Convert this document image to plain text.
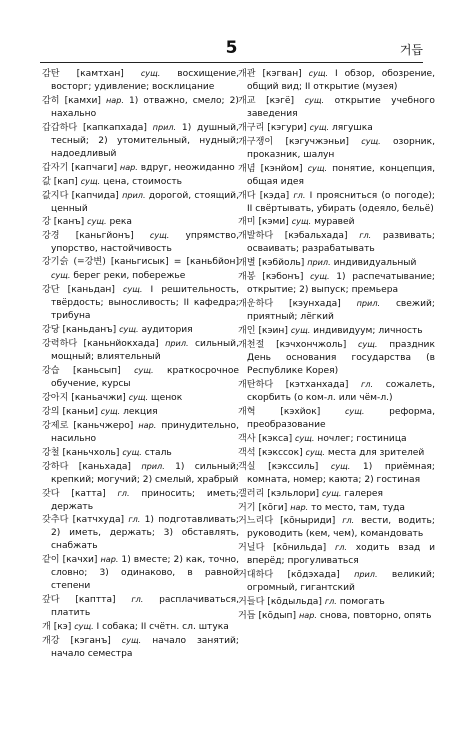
5	거듭

감탄 [камтхан] сущ. восхищение, восторг; удивление; восклицание

감히 [камхи] нар. 1) отважно, смело; 2) нахально

갑갑하다 [капкапхада] прил. 1) душный, тесный; 2) утомительный, нудный; надоедливый

갑자기 [капчаги] нар. вдруг, неожиданно

값 [кап] сущ. цена, стоимость

값지다 [капчида] прил. дорогой, стоящий, ценный

강 [канъ] сущ. река

강경 [каньгйонъ] сущ. упрямство, упорство, настойчивость

강기슭 (=강변) [каньгисык] = [каньбйон] сущ. берег реки, побережье

강단 [каньдан] сущ. I решительность, твёрдость; выносливость; II кафедра; трибуна

강당 [каньданъ] сущ. аудитория

강력하다 [каньнйокхада] прил. сильный, мощный; влиятельный

강습 [каньсып] сущ. краткосрочное обучение, курсы

강아지 [каньачжи] сущ. щенок

강의 [каньи] сущ. лекция

강제로 [каньчжеро] нар. принудительно, насильно

강철 [каньчхоль] сущ. сталь

강하다 [каньхада] прил. 1) сильный; крепкий; могучий; 2) смелый, храбрый

갖다 [катта] гл. приносить; иметь; держать

갖추다 [катчхуда] гл. 1) подготавливать; 2) иметь, держать; 3) обставлять, снабжать

같이 [качхи] нар. 1) вместе; 2) как, точно, словно; 3) одинаково, в равной степени

갚다 [каптта] гл. расплачиваться, платить

개 [кэ] сущ. I собака; II счётн. сл. штука

개강 [кэганъ] сущ. начало занятий; начало семестра

개관 [кэгван] сущ. I обзор, обозрение, общий вид; II открытие (музея)

개교 [кэгё] сущ. открытие учебного заведения

개구리 [кэгури] сущ. лягушка

개구쟁이 [кэгучжэньи] сущ. озорник, проказник, шалун

개념 [кэнйом] сущ. понятие, концепция, общая идея

개다 [кэда] гл. I проясниться (о погоде); II свёртывать, убирать (одеяло, бельё)

개미 [кэми] сущ. муравей

개발하다 [кэбальхада] гл. развивать; осваивать; разрабатывать

개별 [кэбйоль] прил. индивидуальный

개봉 [кэбонъ] сущ. 1) распечатывание; открытие; 2) выпуск; премьера

개운하다 [кэунхада] прил. свежий; приятный; лёгкий

개인 [кэин] сущ. индивидуум; личность

개천절 [кэчхончжоль] сущ. праздник День основания государства (в Республике Корея)

개탄하다 [кэтханхада] гл. сожалеть, скорбить (о ком-л. или чём-л.)

개혁	[кэхйок]	сущ.	реформа, преобразование

객사 [кэкса] сущ. ночлег; гостиница

객석 [кэкссок] сущ. места для зрителей

객실 [кэкссиль] сущ. 1) приёмная; комната, номер; каюта; 2) гостиная

갤러리 [кэльлори] сущ. галерея

거기 [кōги] нар. то место, там, туда

거느리다 [кōныриди] гл. вести, водить; руководить (кем, чем), командовать

거닐다 [кōнильда] гл. ходить взад и вперёд; прогуливаться

거대하다 [кōдэхада] прил. великий; огромный, гигантский

거들다 [кōдыльда] гл. помогать

거듭 [кōдып] нар. снова, повторно, опять
